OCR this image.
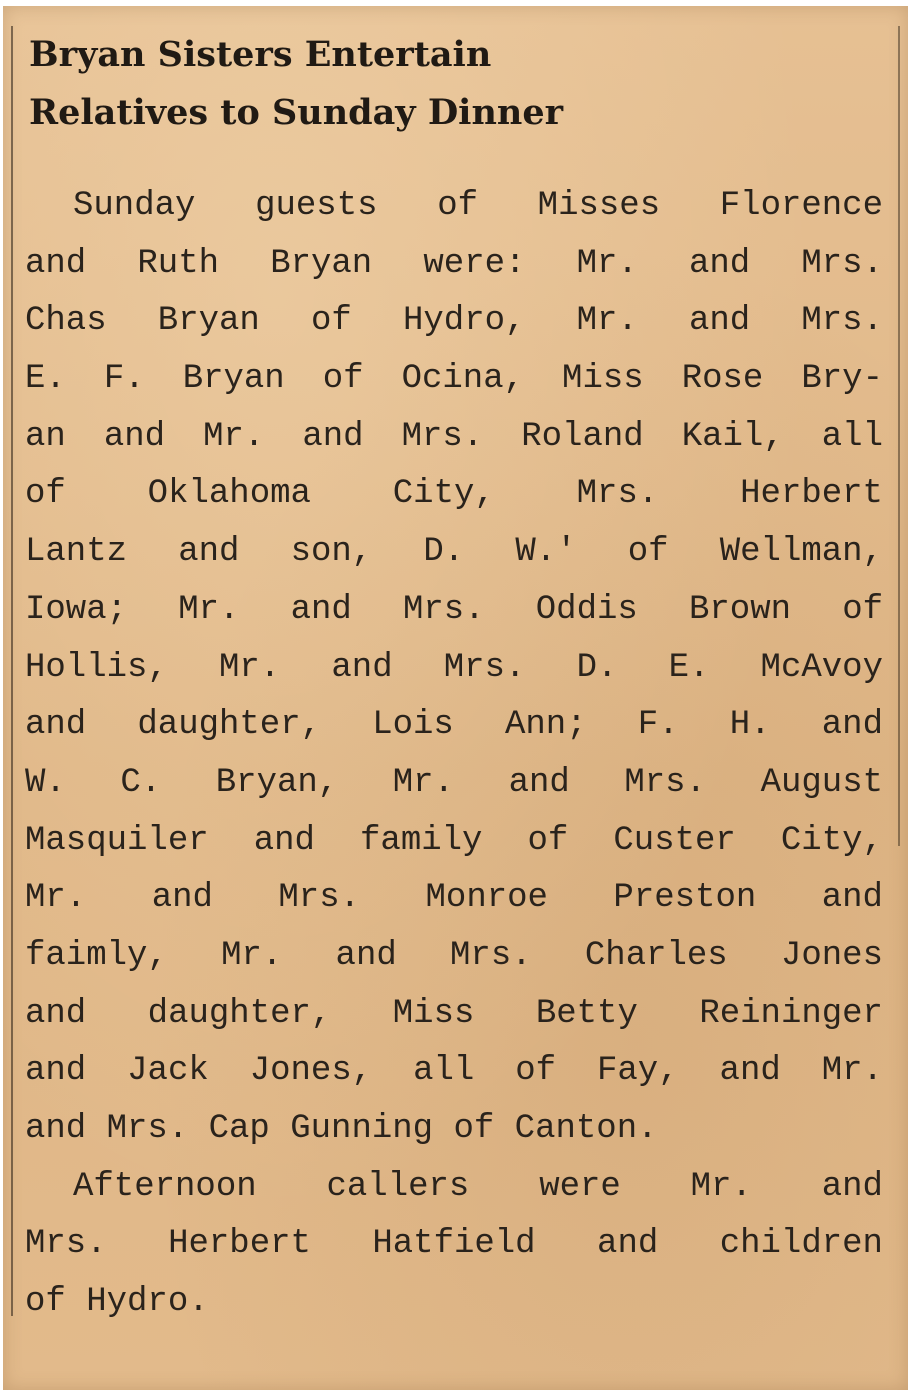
Bryan Sisters Entertain
Relatives to Sunday Dinner
Sunday guests of Misses Florence
and Ruth Bryan were: Mr. and Mrs.
Chas Bryan of Hydro, Mr. and Mrs.
E. F. Bryan of Ocina, Miss Rose Bry-
an and Mr. and Mrs. Roland Kail, all
of Oklahoma City, Mrs. Herbert
Lantz and son, D. W.' of Wellman,
Iowa; Mr. and Mrs. Oddis Brown of
Hollis, Mr. and Mrs. D. E. McAvoy
and daughter, Lois Ann; F. H. and
W. C. Bryan, Mr. and Mrs. August
Masquiler and family of Custer City,
Mr. and Mrs. Monroe Preston and
faimly, Mr. and Mrs. Charles Jones
and daughter, Miss Betty Reininger
and Jack Jones, all of Fay, and Mr.
and Mrs. Cap Gunning of Canton.
Afternoon callers were Mr. and
Mrs. Herbert Hatfield and children
of Hydro.
